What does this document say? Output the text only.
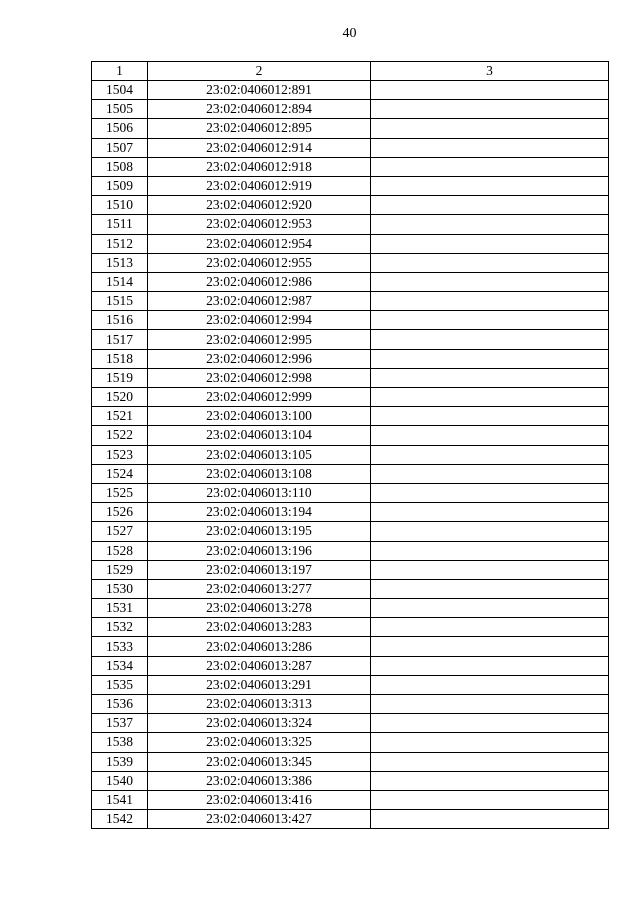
40
1	2	3
1504	23:02:0406012:891	
1505	23:02:0406012:894	
1506	23:02:0406012:895	
1507	23:02:0406012:914	
1508	23:02:0406012:918	
1509	23:02:0406012:919	
1510	23:02:0406012:920	
1511	23:02:0406012:953	
1512	23:02:0406012:954	
1513	23:02:0406012:955	
1514	23:02:0406012:986	
1515	23:02:0406012:987	
1516	23:02:0406012:994	
1517	23:02:0406012:995	
1518	23:02:0406012:996	
1519	23:02:0406012:998	
1520	23:02:0406012:999	
1521	23:02:0406013:100	
1522	23:02:0406013:104	
1523	23:02:0406013:105	
1524	23:02:0406013:108	
1525	23:02:0406013:110	
1526	23:02:0406013:194	
1527	23:02:0406013:195	
1528	23:02:0406013:196	
1529	23:02:0406013:197	
1530	23:02:0406013:277	
1531	23:02:0406013:278	
1532	23:02:0406013:283	
1533	23:02:0406013:286	
1534	23:02:0406013:287	
1535	23:02:0406013:291	
1536	23:02:0406013:313	
1537	23:02:0406013:324	
1538	23:02:0406013:325	
1539	23:02:0406013:345	
1540	23:02:0406013:386	
1541	23:02:0406013:416	
1542	23:02:0406013:427	
